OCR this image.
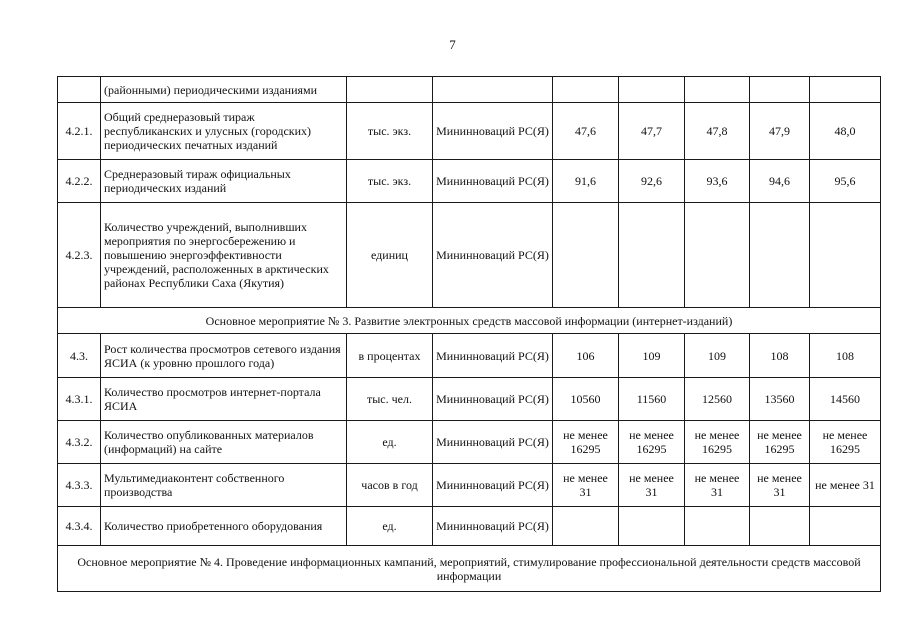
7
	(районными) периодическими изданиями							
4.2.1.	Общий среднеразовый тираж республиканских и улусных (городских) периодических печатных изданий	тыс. экз.	Мининноваций РС(Я)	47,6	47,7	47,8	47,9	48,0
4.2.2.	Среднеразовый тираж официальных периодических изданий	тыс. экз.	Мининноваций РС(Я)	91,6	92,6	93,6	94,6	95,6
4.2.3.	Количество учреждений, выполнивших мероприятия по энергосбережению и повышению энергоэффективности учреждений, расположенных в арктических районах Республики Саха (Якутия)	единиц	Мининноваций РС(Я)					
Основное мероприятие № 3. Развитие электронных средств массовой информации (интернет-изданий)								
4.3.	Рост количества просмотров сетевого издания ЯСИА (к уровню прошлого года)	в процентах	Мининноваций РС(Я)	106	109	109	108	108
4.3.1.	Количество просмотров интернет-портала ЯСИА	тыс. чел.	Мининноваций РС(Я)	10560	11560	12560	13560	14560
4.3.2.	Количество опубликованных материалов (информаций) на сайте	ед.	Мининноваций РС(Я)	не менее 16295	не менее 16295	не менее 16295	не менее 16295	не менее 16295
4.3.3.	Мультимедиаконтент собственного производства	часов в год	Мининноваций РС(Я)	не менее 31	не менее 31	не менее 31	не менее 31	не менее 31
4.3.4.	Количество приобретенного оборудования	ед.	Мининноваций РС(Я)					
Основное мероприятие № 4. Проведение информационных кампаний, мероприятий, стимулирование профессиональной деятельности средств массовой информации								
